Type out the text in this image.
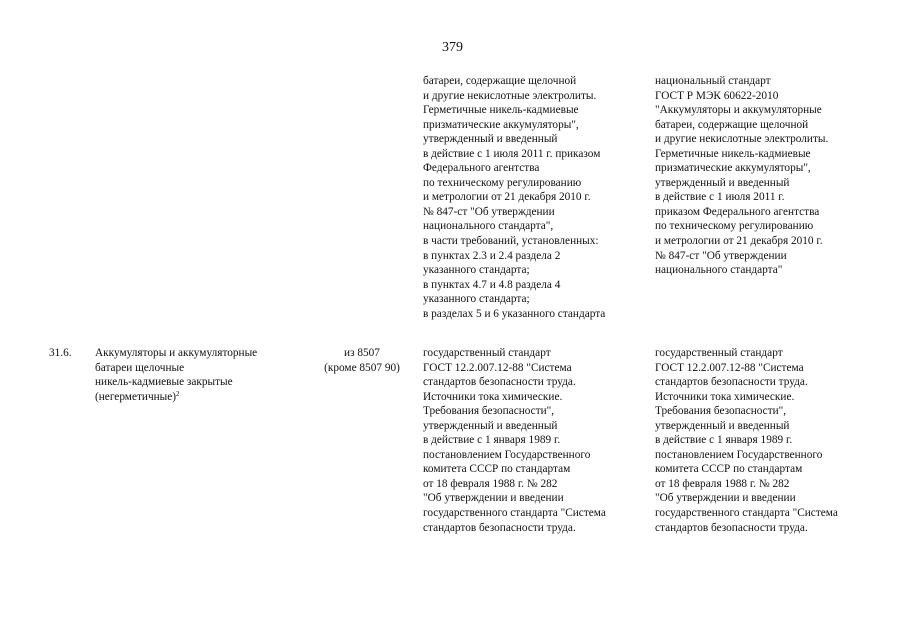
379
батареи, содержащие щелочной
и другие некислотные электролиты.
Герметичные никель-кадмиевые
призматические аккумуляторы",
утвержденный и введенный
в действие с 1 июля 2011 г. приказом
Федерального агентства
по техническому регулированию
и метрологии от 21 декабря 2010 г.
№ 847-ст "Об утверждении
национального стандарта",
в части требований, установленных:
в пунктах 2.3 и 2.4 раздела 2
указанного стандарта;
в пунктах 4.7 и 4.8 раздела 4
указанного стандарта;
в разделах 5 и 6 указанного стандарта
национальный стандарт
ГОСТ Р МЭК 60622-2010
"Аккумуляторы и аккумуляторные
батареи, содержащие щелочной
и другие некислотные электролиты.
Герметичные никель-кадмиевые
призматические аккумуляторы",
утвержденный и введенный
в действие с 1 июля 2011 г.
приказом Федерального агентства
по техническому регулированию
и метрологии от 21 декабря 2010 г.
№ 847-ст "Об утверждении
национального стандарта"
31.6. Аккумуляторы и аккумуляторные
батареи щелочные
никель-кадмиевые закрытые
(негерметичные)$^2$
из 8507
(кроме 8507 90)
государственный стандарт
ГОСТ 12.2.007.12-88 "Система
стандартов безопасности труда.
Источники тока химические.
Требования безопасности",
утвержденный и введенный
в действие с 1 января 1989 г.
постановлением Государственного
комитета СССР по стандартам
от 18 февраля 1988 г. № 282
"Об утверждении и введении
государственного стандарта "Система
стандартов безопасности труда.
государственный стандарт
ГОСТ 12.2.007.12-88 "Система
стандартов безопасности труда.
Источники тока химические.
Требования безопасности",
утвержденный и введенный
в действие с 1 января 1989 г.
постановлением Государственного
комитета СССР по стандартам
от 18 февраля 1988 г. № 282
"Об утверждении и введении
государственного стандарта "Система
стандартов безопасности труда.
